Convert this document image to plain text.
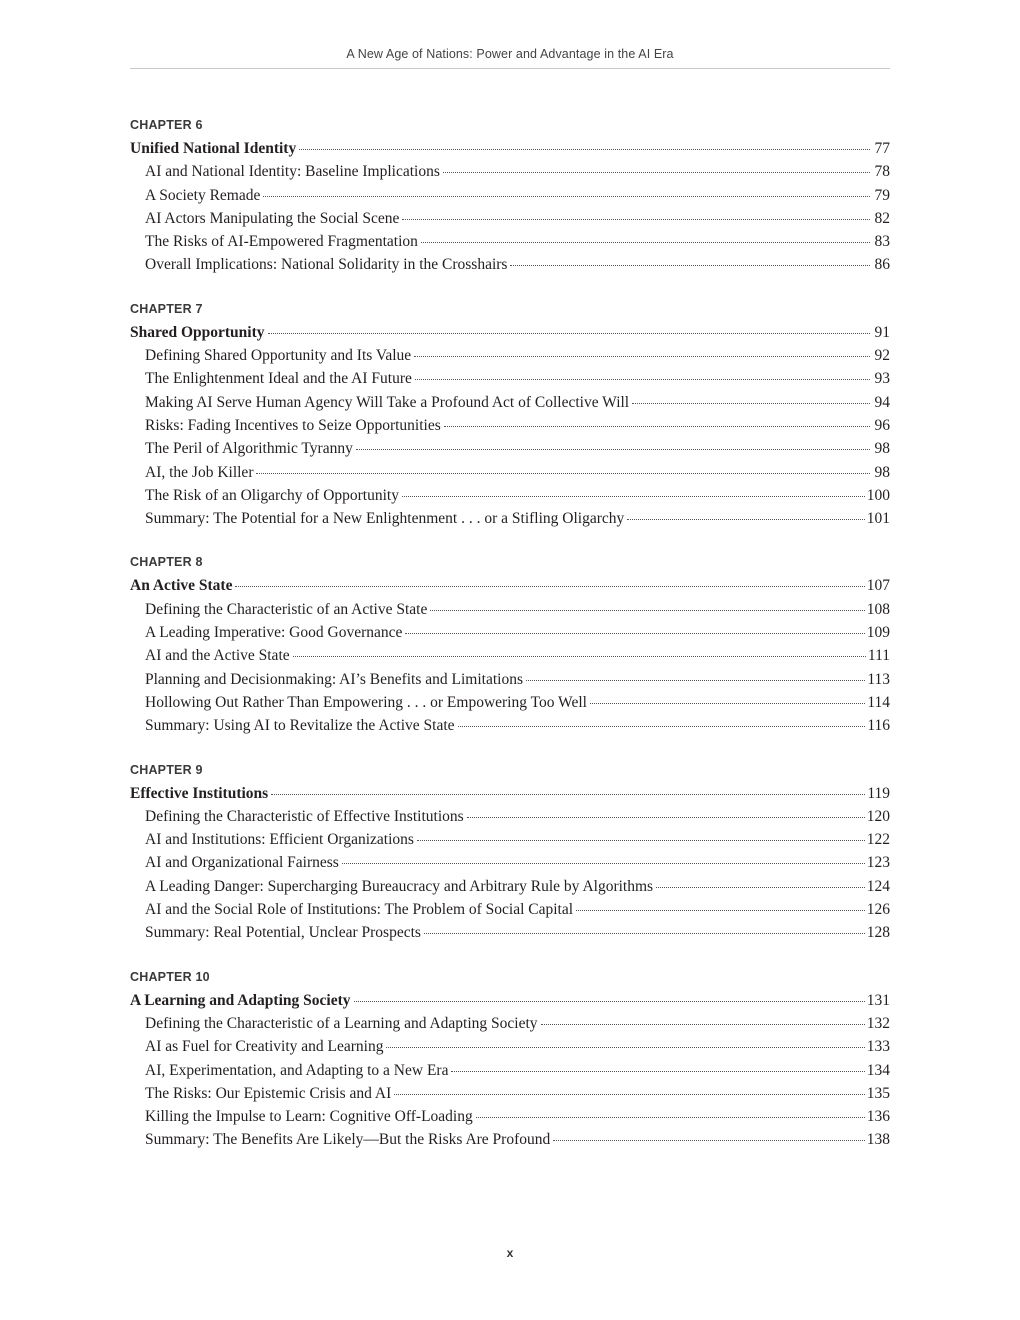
A New Age of Nations: Power and Advantage in the AI Era
CHAPTER 6
Unified National Identity	77
AI and National Identity: Baseline Implications	78
A Society Remade	79
AI Actors Manipulating the Social Scene	82
The Risks of AI-Empowered Fragmentation	83
Overall Implications: National Solidarity in the Crosshairs	86
CHAPTER 7
Shared Opportunity	91
Defining Shared Opportunity and Its Value	92
The Enlightenment Ideal and the AI Future	93
Making AI Serve Human Agency Will Take a Profound Act of Collective Will	94
Risks: Fading Incentives to Seize Opportunities	96
The Peril of Algorithmic Tyranny	98
AI, the Job Killer	98
The Risk of an Oligarchy of Opportunity	100
Summary: The Potential for a New Enlightenment . . . or a Stifling Oligarchy	101
CHAPTER 8
An Active State	107
Defining the Characteristic of an Active State	108
A Leading Imperative: Good Governance	109
AI and the Active State	111
Planning and Decisionmaking: AI’s Benefits and Limitations	113
Hollowing Out Rather Than Empowering . . . or Empowering Too Well	114
Summary: Using AI to Revitalize the Active State	116
CHAPTER 9
Effective Institutions	119
Defining the Characteristic of Effective Institutions	120
AI and Institutions: Efficient Organizations	122
AI and Organizational Fairness	123
A Leading Danger: Supercharging Bureaucracy and Arbitrary Rule by Algorithms	124
AI and the Social Role of Institutions: The Problem of Social Capital	126
Summary: Real Potential, Unclear Prospects	128
CHAPTER 10
A Learning and Adapting Society	131
Defining the Characteristic of a Learning and Adapting Society	132
AI as Fuel for Creativity and Learning	133
AI, Experimentation, and Adapting to a New Era	134
The Risks: Our Epistemic Crisis and AI	135
Killing the Impulse to Learn: Cognitive Off-Loading	136
Summary: The Benefits Are Likely—But the Risks Are Profound	138
x
